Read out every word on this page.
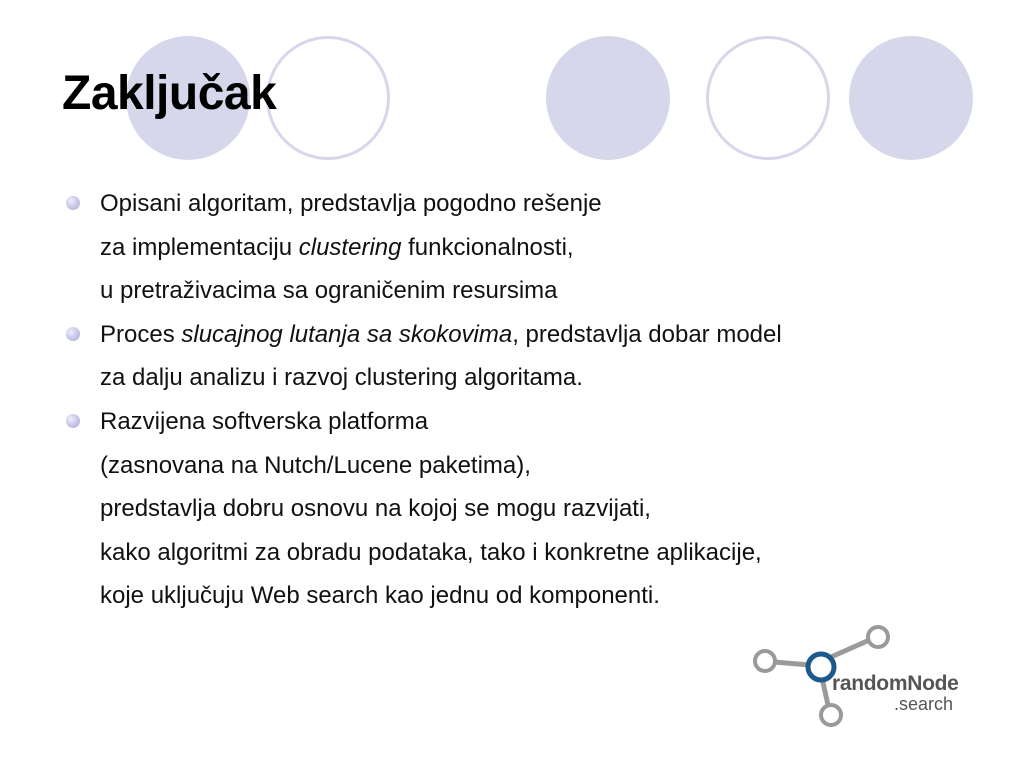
Zaključak
Opisani algoritam, predstavlja pogodno rešenje
za implementaciju clustering funkcionalnosti,
u pretraživacima sa ograničenim resursima
Proces slucajnog lutanja sa skokovima, predstavlja dobar model
za dalju analizu i razvoj clustering algoritama.
Razvijena softverska platforma
(zasnovana na Nutch/Lucene paketima),
predstavlja dobru osnovu na kojoj se mogu razvijati,
kako algoritmi za obradu podataka, tako i konkretne aplikacije,
koje uključuju Web search kao jednu od komponenti.
randomNode
.search
